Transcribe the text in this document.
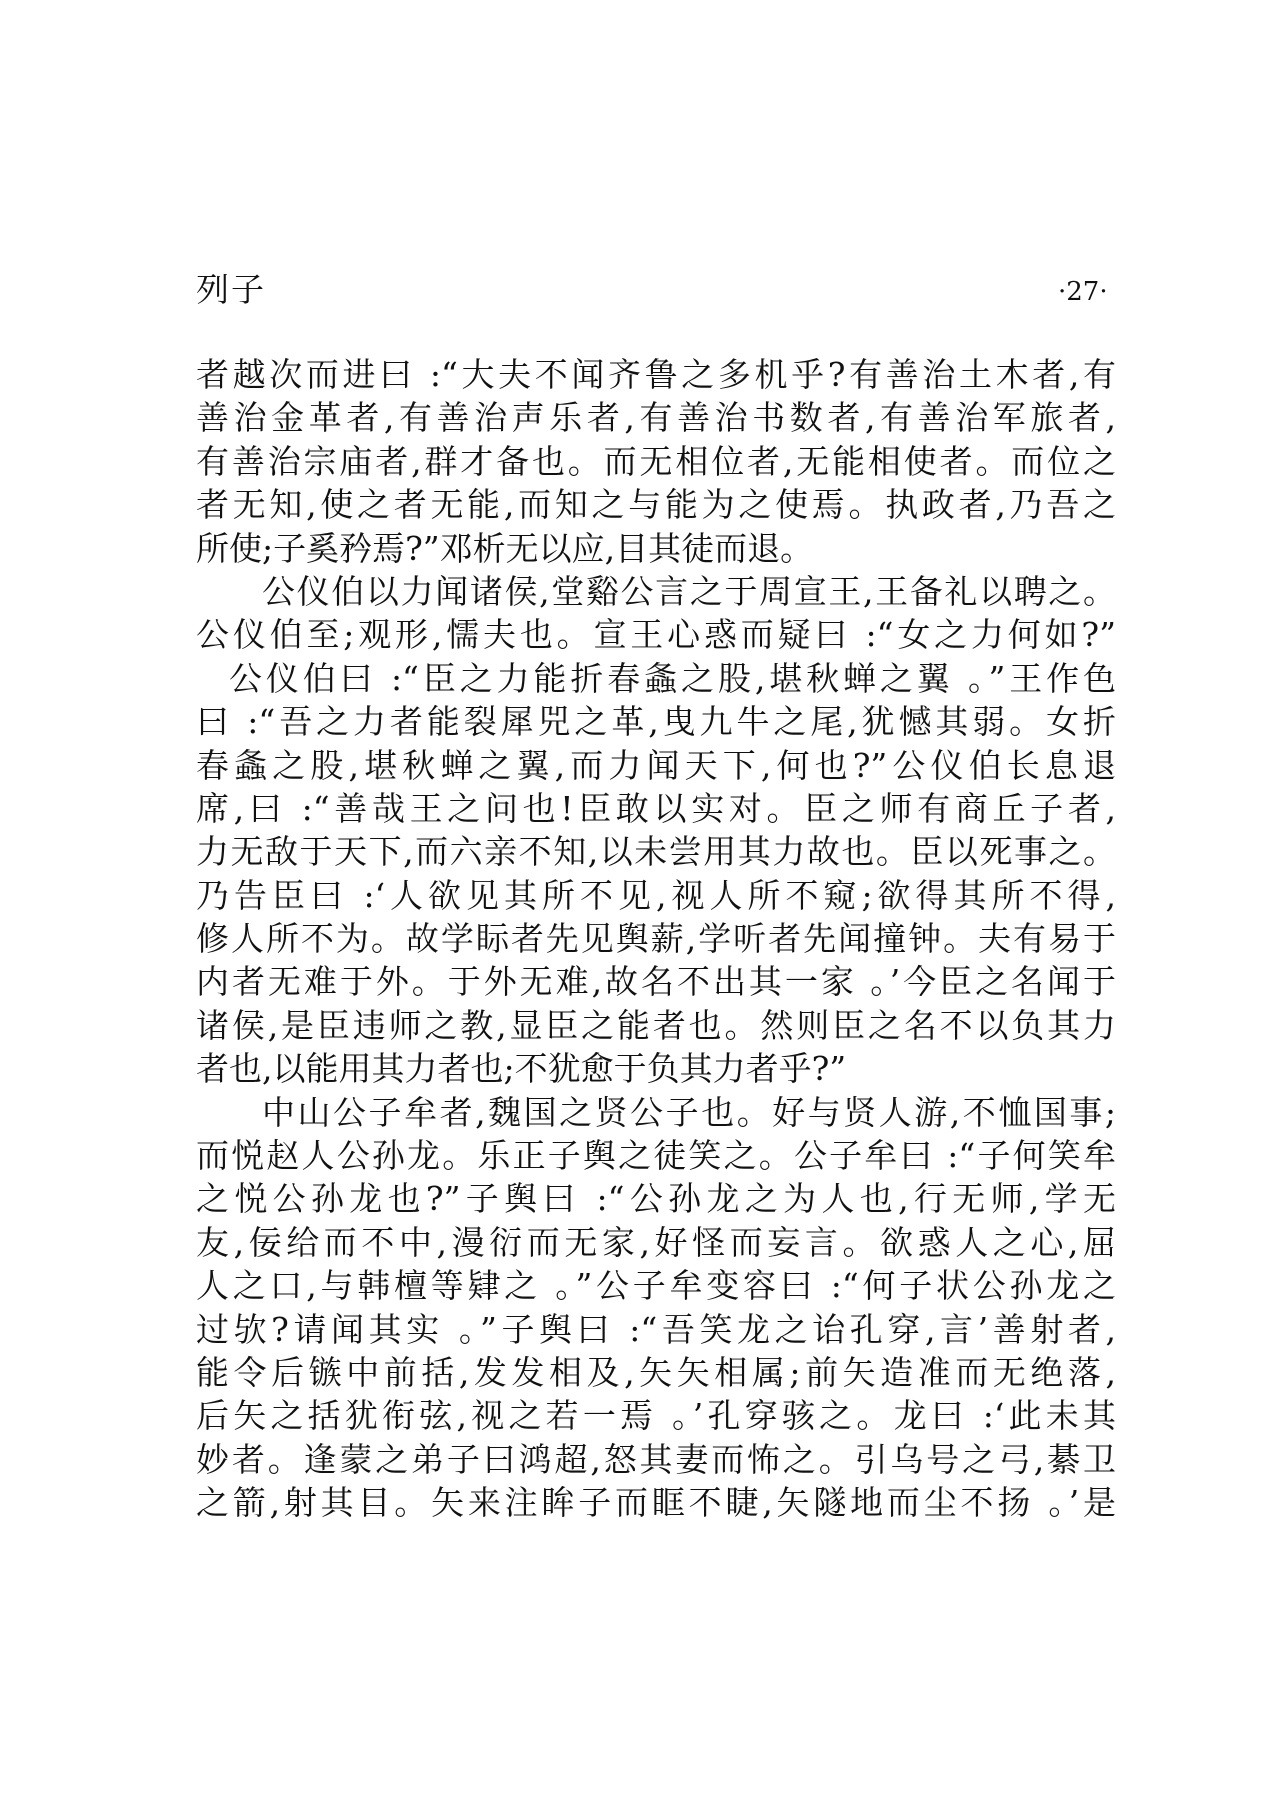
列子	·27·
者越次而进曰 :“大夫不闻齐鲁之多机乎?有善治土木者,有
善治金革者,有善治声乐者,有善治书数者,有善治军旅者,
有善治宗庙者,群才备也。而无相位者,无能相使者。而位之
者无知,使之者无能,而知之与能为之使焉。执政者,乃吾之
所使;子奚矜焉?”邓析无以应,目其徒而退。
公仪伯以力闻诸侯,堂谿公言之于周宣王,王备礼以聘之。
公仪伯至;观形,懦夫也。宣王心惑而疑曰 :“女之力何如?”
公仪伯曰 :“臣之力能折春螽之股,堪秋蝉之翼 。”王作色
曰 :“吾之力者能裂犀兕之革,曳九牛之尾,犹憾其弱。女折
春螽之股,堪秋蝉之翼,而力闻天下,何也?”公仪伯长息退
席,曰 :“善哉王之问也!臣敢以实对。臣之师有商丘子者,
力无敌于天下,而六亲不知,以未尝用其力故也。臣以死事之。
乃告臣曰 :‘人欲见其所不见,视人所不窥;欲得其所不得,
修人所不为。故学眎者先见舆薪,学听者先闻撞钟。夫有易于
内者无难于外。于外无难,故名不出其一家 。’今臣之名闻于
诸侯,是臣违师之教,显臣之能者也。然则臣之名不以负其力
者也,以能用其力者也;不犹愈于负其力者乎?”
中山公子牟者,魏国之贤公子也。好与贤人游,不恤国事;
而悦赵人公孙龙。乐正子舆之徒笑之。公子牟曰 :“子何笑牟
之悦公孙龙也?”子舆曰 :“公孙龙之为人也,行无师,学无
友,佞给而不中,漫衍而无家,好怪而妄言。欲惑人之心,屈
人之口,与韩檀等肄之 。”公子牟变容曰 :“何子状公孙龙之
过欤?请闻其实 。”子舆曰 :“吾笑龙之诒孔穿,言’善射者,
能令后镞中前括,发发相及,矢矢相属;前矢造准而无绝落,
后矢之括犹衔弦,视之若一焉 。’孔穿骇之。龙曰 :‘此未其
妙者。逢蒙之弟子曰鸿超,怒其妻而怖之。引乌号之弓,綦卫
之箭,射其目。矢来注眸子而眶不睫,矢隧地而尘不扬 。’是
